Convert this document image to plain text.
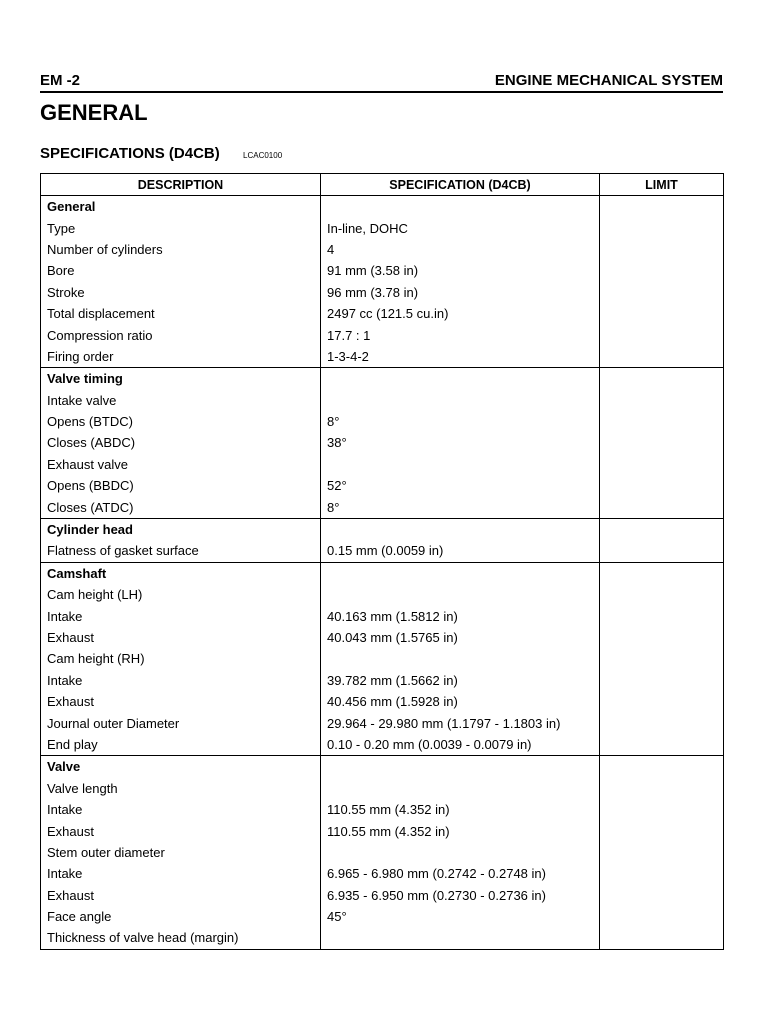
EM -2	ENGINE MECHANICAL SYSTEM
GENERAL
SPECIFICATIONS (D4CB)	LCAC0100
DESCRIPTION	SPECIFICATION (D4CB)	LIMIT
General		
Type	In-line, DOHC	
Number of cylinders	4	
Bore	91 mm (3.58 in)	
Stroke	96 mm (3.78 in)	
Total displacement	2497 cc (121.5 cu.in)	
Compression ratio	17.7 : 1	
Firing order	1-3-4-2	
Valve timing		
Intake valve		
Opens (BTDC)	8°	
Closes (ABDC)	38°	
Exhaust valve		
Opens (BBDC)	52°	
Closes (ATDC)	8°	
Cylinder head		
Flatness of gasket surface	0.15 mm (0.0059 in)	
Camshaft		
Cam height (LH)		
Intake	40.163 mm (1.5812 in)	
Exhaust	40.043 mm (1.5765 in)	
Cam height (RH)		
Intake	39.782 mm (1.5662 in)	
Exhaust	40.456 mm (1.5928 in)	
Journal outer Diameter	29.964 - 29.980 mm (1.1797 - 1.1803 in)	
End play	0.10 - 0.20 mm (0.0039 - 0.0079 in)	
Valve		
Valve length		
Intake	110.55 mm (4.352 in)	
Exhaust	110.55 mm (4.352 in)	
Stem outer diameter		
Intake	6.965 - 6.980 mm (0.2742 - 0.2748 in)	
Exhaust	6.935 - 6.950 mm (0.2730 - 0.2736 in)	
Face angle	45°	
Thickness of valve head (margin)		
